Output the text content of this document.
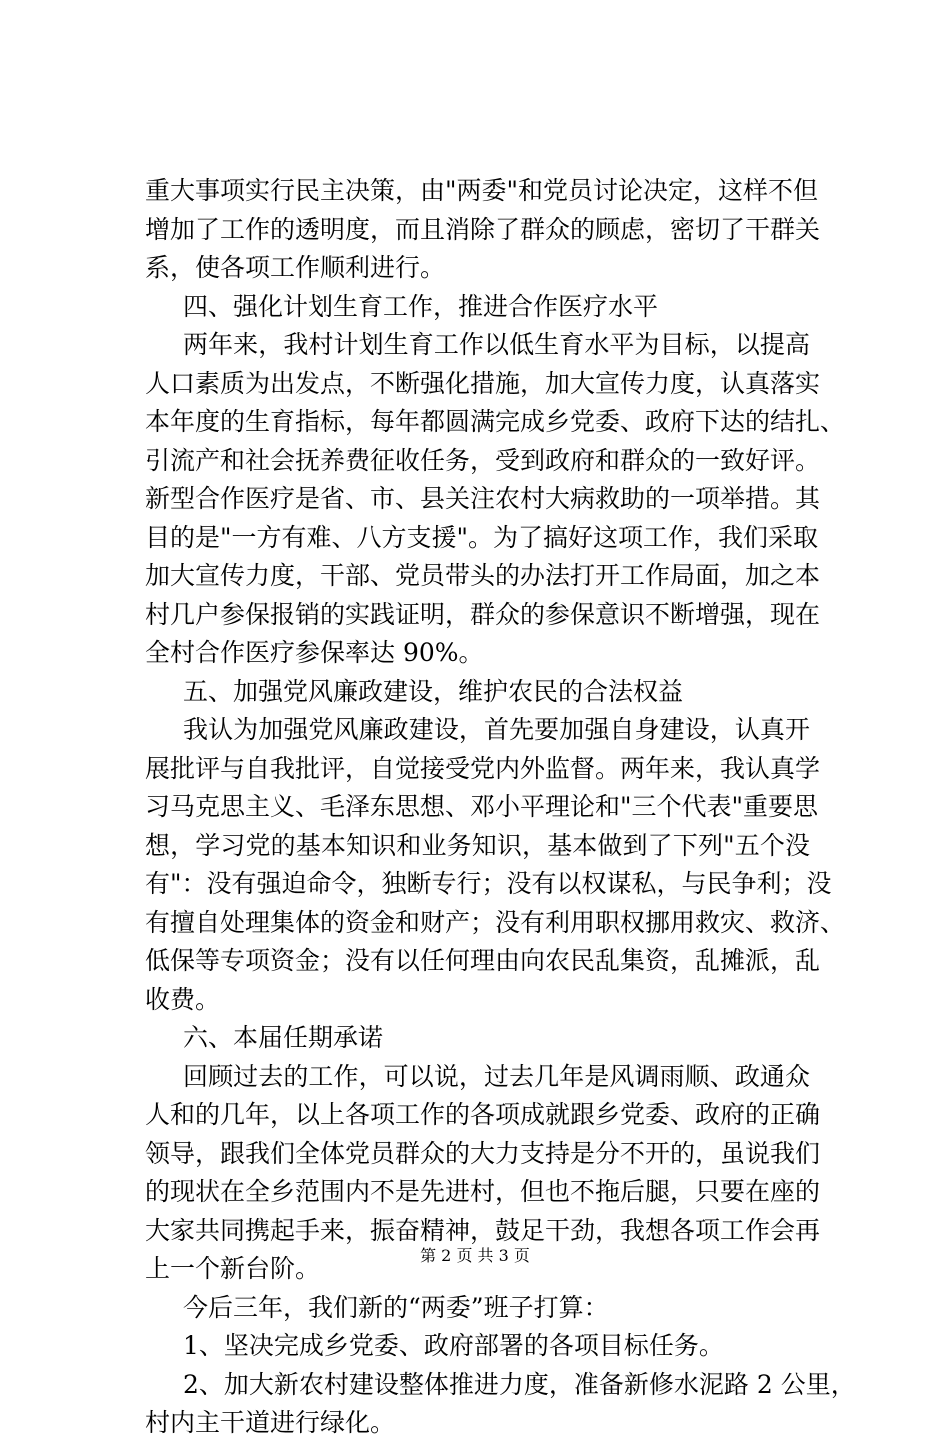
重大事项实行民主决策，由"两委"和党员讨论决定，这样不但
增加了工作的透明度，而且消除了群众的顾虑，密切了干群关
系，使各项工作顺利进行。
四、强化计划生育工作，推进合作医疗水平
两年来，我村计划生育工作以低生育水平为目标，以提高
人口素质为出发点，不断强化措施，加大宣传力度，认真落实
本年度的生育指标，每年都圆满完成乡党委、政府下达的结扎、
引流产和社会抚养费征收任务，受到政府和群众的一致好评。
新型合作医疗是省、市、县关注农村大病救助的一项举措。其
目的是"一方有难、八方支援"。为了搞好这项工作，我们采取
加大宣传力度，干部、党员带头的办法打开工作局面，加之本
村几户参保报销的实践证明，群众的参保意识不断增强，现在
全村合作医疗参保率达 90%。
五、加强党风廉政建设，维护农民的合法权益
我认为加强党风廉政建设，首先要加强自身建设，认真开
展批评与自我批评，自觉接受党内外监督。两年来，我认真学
习马克思主义、毛泽东思想、邓小平理论和"三个代表"重要思
想，学习党的基本知识和业务知识，基本做到了下列"五个没
有"：没有强迫命令，独断专行；没有以权谋私，与民争利；没
有擅自处理集体的资金和财产；没有利用职权挪用救灾、救济、
低保等专项资金；没有以任何理由向农民乱集资，乱摊派，乱
收费。
六、本届任期承诺
回顾过去的工作，可以说，过去几年是风调雨顺、政通众
人和的几年，以上各项工作的各项成就跟乡党委、政府的正确
领导，跟我们全体党员群众的大力支持是分不开的，虽说我们
的现状在全乡范围内不是先进村，但也不拖后腿，只要在座的
大家共同携起手来，振奋精神，鼓足干劲，我想各项工作会再
上一个新台阶。
今后三年，我们新的“两委”班子打算：
1、坚决完成乡党委、政府部署的各项目标任务。
2、加大新农村建设整体推进力度，准备新修水泥路 2 公里，
村内主干道进行绿化。
第 2 页 共 3 页
